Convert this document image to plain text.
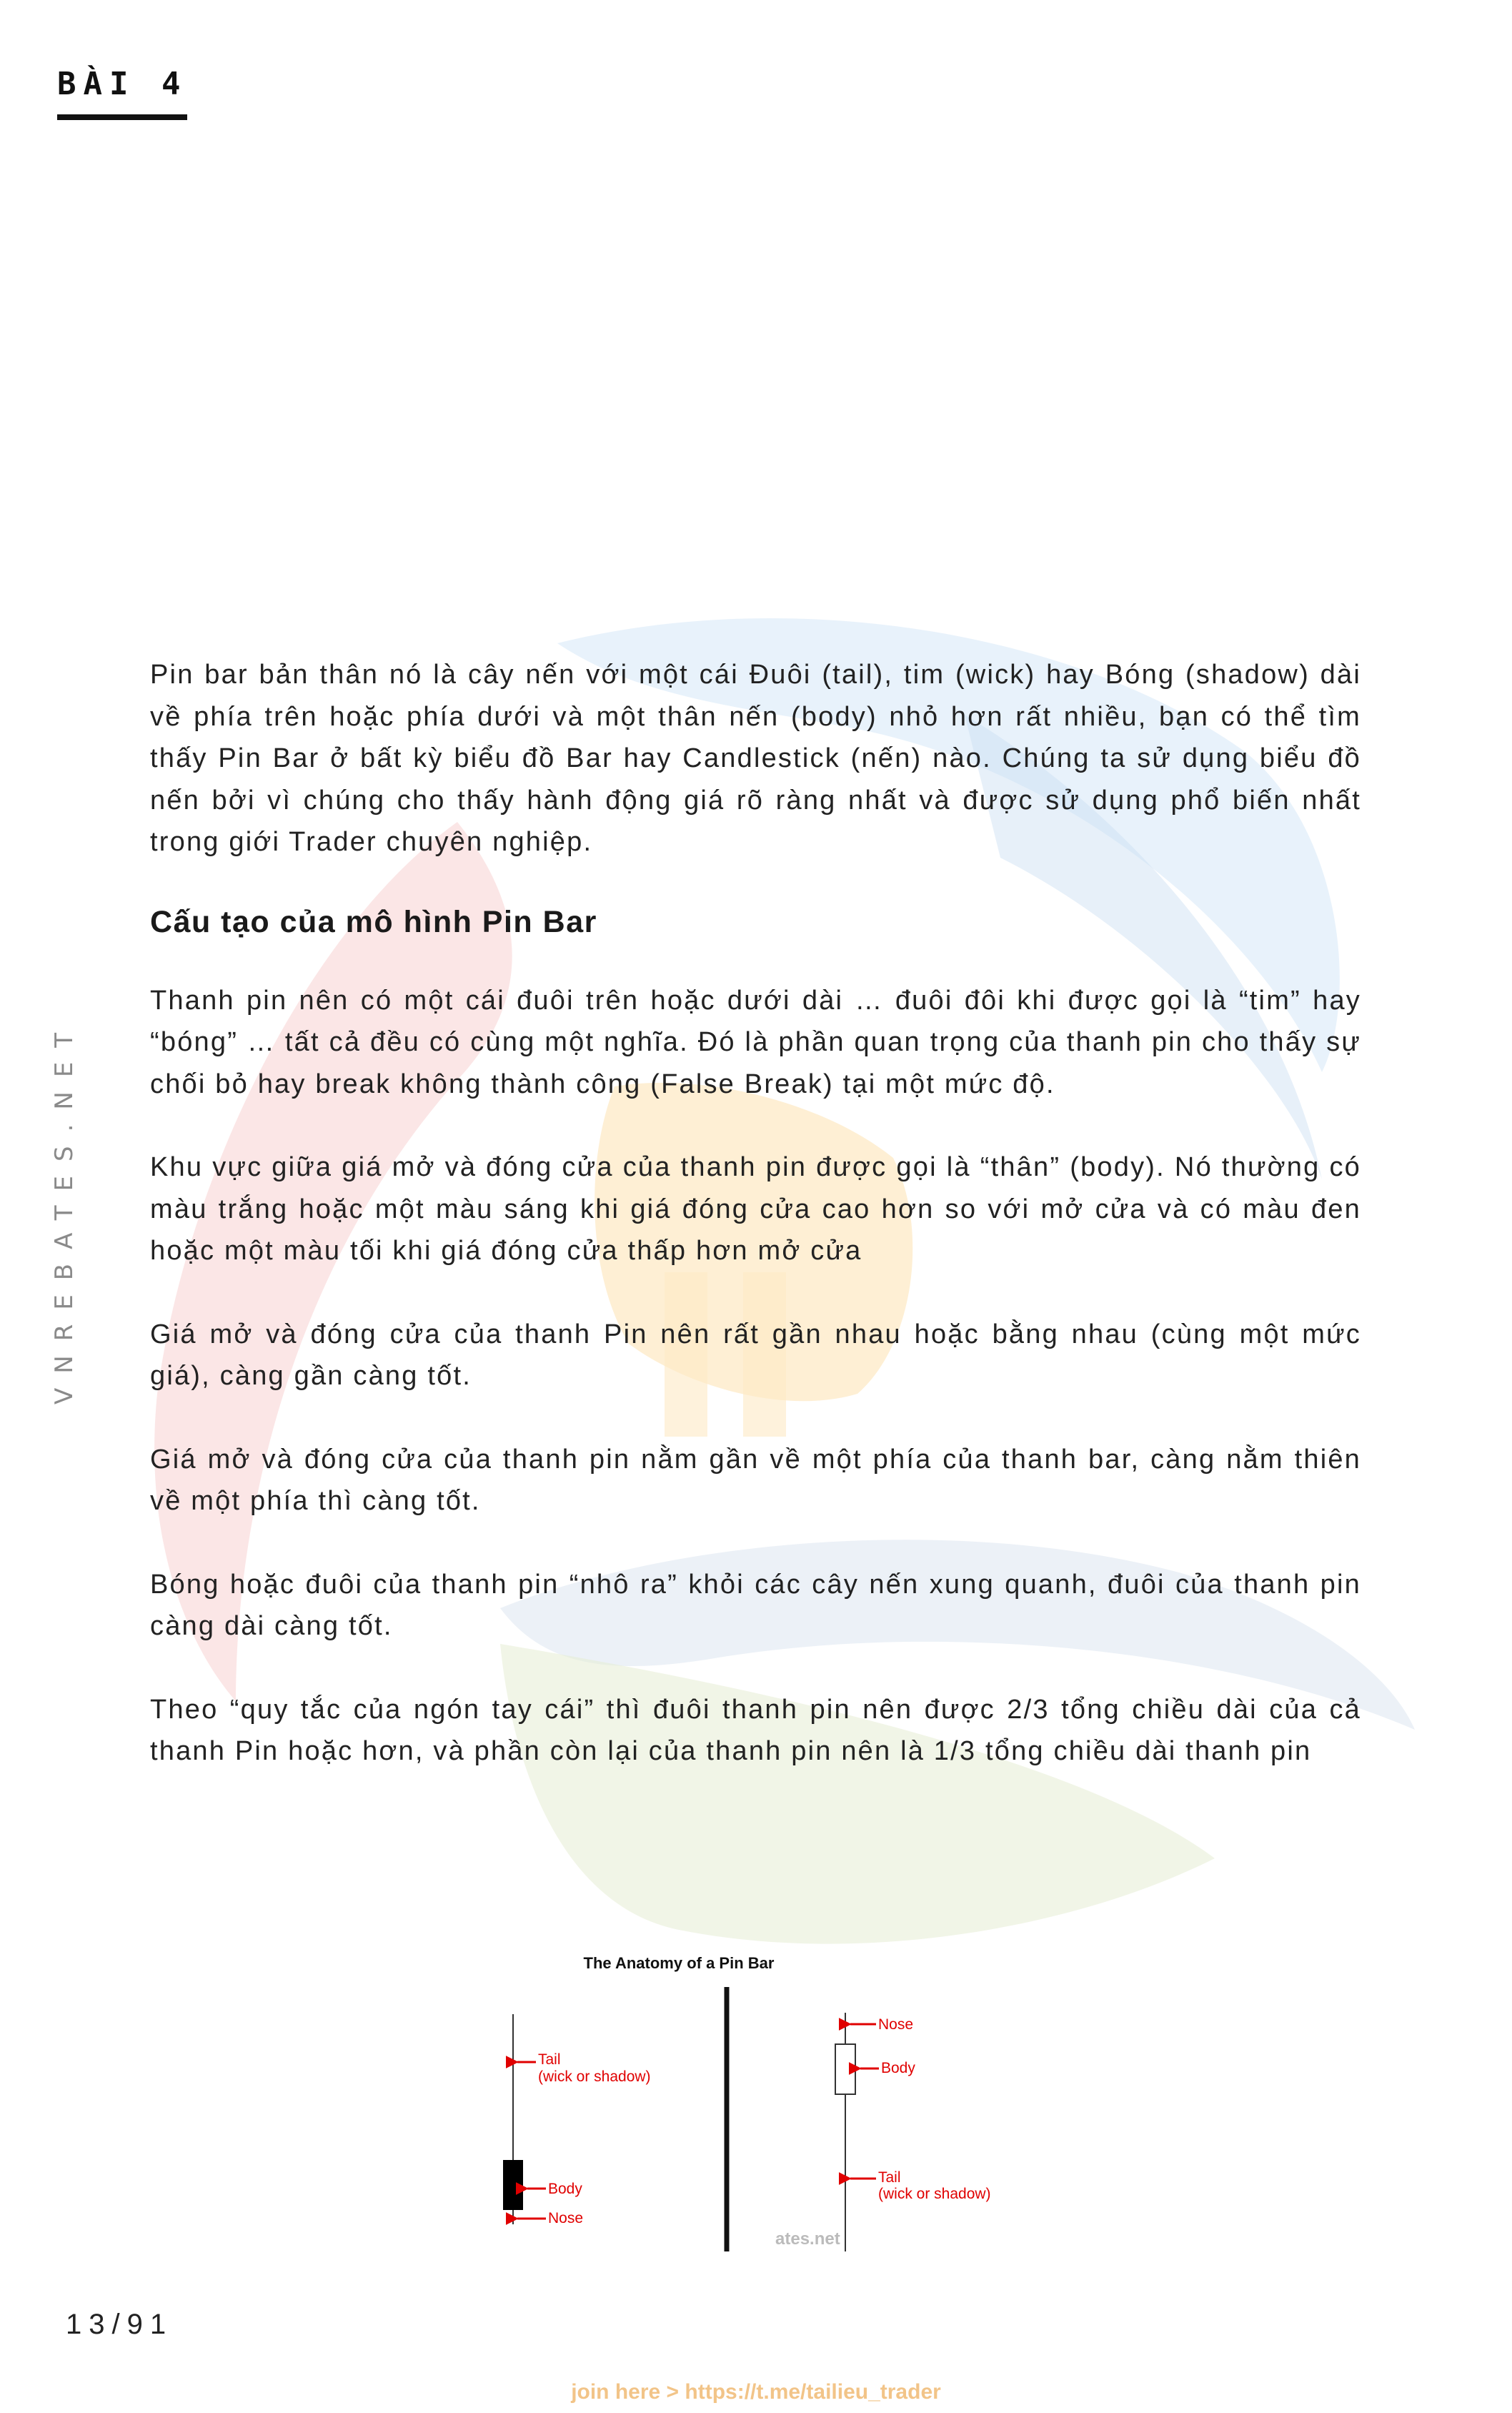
BÀI 4
VNREBATES.NET

Pin bar bản thân nó là cây nến với một cái Đuôi (tail), tim (wick) hay Bóng (shadow) dài về phía trên hoặc phía dưới và một thân nến (body) nhỏ hơn rất nhiều, bạn có thể tìm thấy Pin Bar ở bất kỳ biểu đồ Bar hay Candlestick (nến) nào. Chúng ta sử dụng biểu đồ nến bởi vì chúng cho thấy hành động giá rõ ràng nhất và được sử dụng phổ biến nhất trong giới Trader chuyên nghiệp.

Cấu tạo của mô hình Pin Bar

Thanh pin nên có một cái đuôi trên hoặc dưới dài … đuôi đôi khi được gọi là “tim” hay “bóng” … tất cả đều có cùng một nghĩa. Đó là phần quan trọng của thanh pin cho thấy sự chối bỏ hay break không thành công (False Break) tại một mức độ.

Khu vực giữa giá mở và đóng cửa của thanh pin được gọi là “thân” (body). Nó thường có màu trắng hoặc một màu sáng khi giá đóng cửa cao hơn so với mở cửa và có màu đen hoặc một màu tối khi giá đóng cửa thấp hơn mở cửa

Giá mở và đóng cửa của thanh Pin nên rất gần nhau hoặc bằng nhau (cùng một mức giá), càng gần càng tốt.

Giá mở và đóng cửa của thanh pin nằm gần về một phía của thanh bar, càng nằm thiên về một phía thì càng tốt.

Bóng hoặc đuôi của thanh pin “nhô ra” khỏi các cây nến xung quanh, đuôi của thanh pin càng dài càng tốt.

Theo “quy tắc của ngón tay cái” thì đuôi thanh pin nên được 2/3 tổng chiều dài của cả thanh Pin hoặc hơn, và phần còn lại của thanh pin nên là 1/3 tổng chiều dài thanh pin

The Anatomy of a Pin Bar
Tail
(wick or shadow)
Body
Nose
Nose
Body
Tail
(wick or shadow)
ates.net
13/91
join here > https://t.me/tailieu_trader
